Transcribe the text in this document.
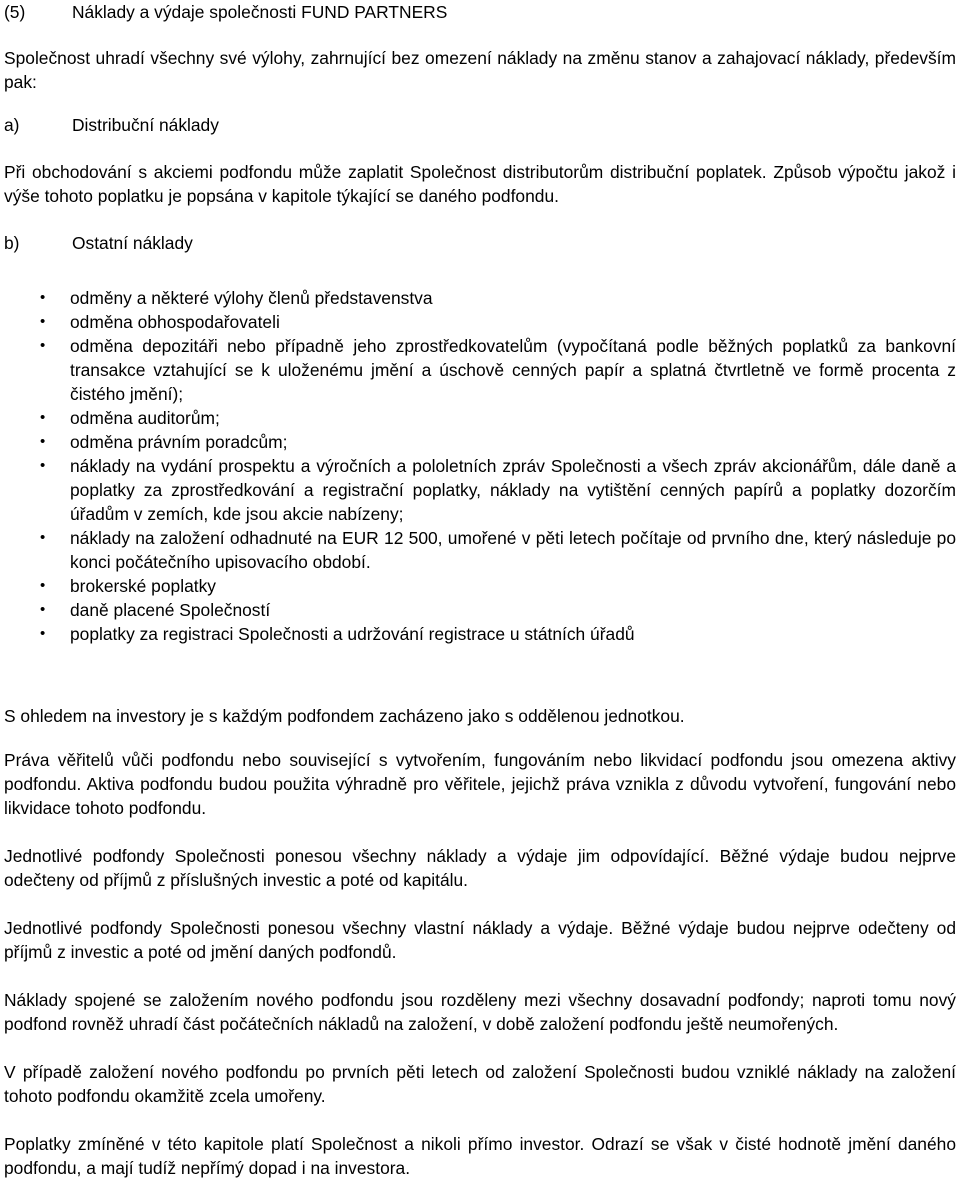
(5)	Náklady a výdaje společnosti FUND PARTNERS

Společnost uhradí všechny své výlohy, zahrnující bez omezení náklady na změnu stanov a zahajovací náklady, především pak:

a)	Distribuční náklady

Při obchodování s akciemi podfondu může zaplatit Společnost distributorům distribuční poplatek. Způsob výpočtu jakož i výše tohoto poplatku je popsána v kapitole týkající se daného podfondu.

b)	Ostatní náklady

•	odměny a některé výlohy členů představenstva
•	odměna obhospodařovateli
•	odměna depozitáři nebo případně jeho zprostředkovatelům (vypočítaná podle běžných poplatků za bankovní transakce vztahující se k uloženému jmění a úschově cenných papír a splatná čtvrtletně ve formě procenta z čistého jmění);
•	odměna auditorům;
•	odměna právním poradcům;
•	náklady na vydání prospektu a výročních a pololetních zpráv Společnosti a všech zpráv akcionářům, dále daně a poplatky za zprostředkování a registrační poplatky, náklady na vytištění cenných papírů a poplatky dozorčím úřadům v zemích, kde jsou akcie nabízeny;
•	náklady na založení odhadnuté na EUR 12 500, umořené v pěti letech počítaje od prvního dne, který následuje po konci počátečního upisovacího období.
•	brokerské poplatky
•	daně placené Společností
•	poplatky za registraci Společnosti a udržování registrace u státních úřadů

S ohledem na investory je s každým podfondem zacházeno jako s oddělenou jednotkou.

Práva věřitelů vůči podfondu nebo související s vytvořením, fungováním nebo likvidací podfondu jsou omezena aktivy podfondu. Aktiva podfondu budou použita výhradně pro věřitele, jejichž práva vznikla z důvodu vytvoření, fungování nebo likvidace tohoto podfondu.

Jednotlivé podfondy Společnosti ponesou všechny náklady a výdaje jim odpovídající. Běžné výdaje budou nejprve odečteny od příjmů z příslušných investic a poté od kapitálu.

Jednotlivé podfondy Společnosti ponesou všechny vlastní náklady a výdaje. Běžné výdaje budou nejprve odečteny od příjmů z investic a poté od jmění daných podfondů.

Náklady spojené se založením nového podfondu jsou rozděleny mezi všechny dosavadní podfondy; naproti tomu nový podfond rovněž uhradí část počátečních nákladů na založení, v době založení podfondu ještě neumořených.

V případě založení nového podfondu po prvních pěti letech od založení Společnosti budou vzniklé náklady na založení tohoto podfondu okamžitě zcela umořeny.

Poplatky zmíněné v této kapitole platí Společnost a nikoli přímo investor. Odrazí se však v čisté hodnotě jmění daného podfondu, a mají tudíž nepřímý dopad i na investora.
